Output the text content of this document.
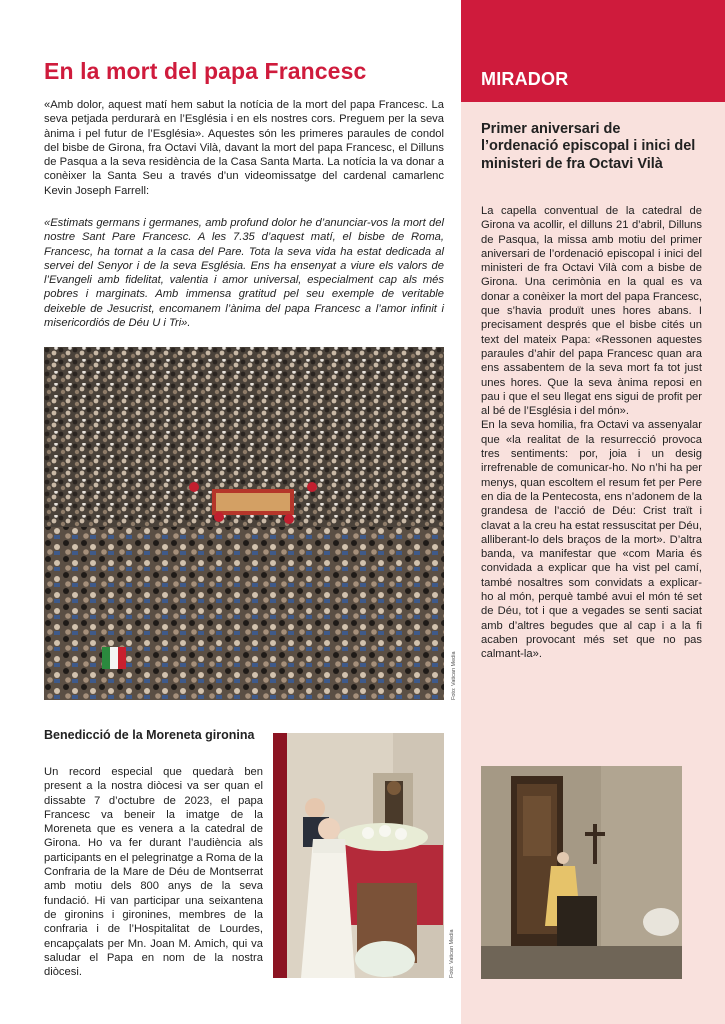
En la mort del papa Francesc

«Amb dolor, aquest matí hem sabut la notícia de la mort del papa Francesc. La seva petjada perdurarà en l’Església i en els nostres cors. Preguem per la seva ànima i pel futur de l’Església». Aquestes són les primeres paraules de condol del bisbe de Girona, fra Octavi Vilà, davant la mort del papa Francesc, el Dilluns de Pasqua a la seva residència de la Casa Santa Marta. La notícia la va donar a conèixer la Santa Seu a través d’un videomissatge del cardenal camarlenc Kevin Joseph Farrell:

«Estimats germans i germanes, amb profund dolor he d’anunciar-vos la mort del nostre Sant Pare Francesc. A les 7.35 d’aquest matí, el bisbe de Roma, Francesc, ha tornat a la casa del Pare. Tota la seva vida ha estat dedicada al servei del Senyor i de la seva Església. Ens ha ensenyat a viure els valors de l’Evangeli amb fidelitat, valentia i amor universal, especialment cap als més pobres i marginats. Amb immensa gratitud pel seu exemple de veritable deixeble de Jesucrist, encomanem l’ànima del papa Francesc a l’amor infinit i misericordiós de Déu U i Tri».

Foto: Vatican Media
Benedicció de la Moreneta gironina

Un record especial que quedarà ben present a la nostra diòcesi va ser quan el dissabte 7 d’octubre de 2023, el papa Francesc va beneir la imatge de la Moreneta que es venera a la catedral de Girona. Ho va fer durant l’audiència als participants en el pelegrinatge a Roma de la Confraria de la Mare de Déu de Montserrat amb motiu dels 800 anys de la seva fundació. Hi van participar una seixantena de gironins i gironines, membres de la confraria i de l’Hospitalitat de Lourdes, encapçalats per Mn. Joan M. Amich, qui va saludar el Papa en nom de la nostra diòcesi.	Foto: Vatican Media
MIRADOR
Primer aniversari de l’ordenació episcopal i inici del ministeri de fra Octavi Vilà

La capella conventual de la catedral de Girona va acollir, el dilluns 21 d’abril, Dilluns de Pasqua, la missa amb motiu del primer aniversari de l’ordenació episcopal i inici del ministeri de fra Octavi Vilà com a bisbe de Girona. Una cerimònia en la qual es va donar a conèixer la mort del papa Francesc, que s’havia produït unes hores abans. I precisament després que el bisbe cités un text del mateix Papa: «Ressonen aquestes paraules d’ahir del papa Francesc quan ara ens assabentem de la seva mort fa tot just unes hores. Que la seva ànima reposi en pau i que el seu llegat ens sigui de profit per al bé de l’Església i del món».

En la seva homilia, fra Octavi va assenyalar que «la realitat de la resurrecció provoca tres sentiments: por, joia i un desig irrefrenable de comunicar-ho. No n’hi ha per menys, quan escoltem el resum fet per Pere en dia de la Pentecosta, ens n’adonem de la grandesa de l’acció de Déu: Crist traït i clavat a la creu ha estat ressuscitat per Déu, alliberant-lo dels braços de la mort». D’altra banda, va manifestar que «com Maria és convidada a explicar que ha vist pel camí, també nosaltres som convidats a explicar-ho al món, perquè també avui el món té set de Déu, tot i que a vegades se senti saciat amb d’altres begudes que al cap i a la fi acaben provocant més set que no pas calmant-la».
